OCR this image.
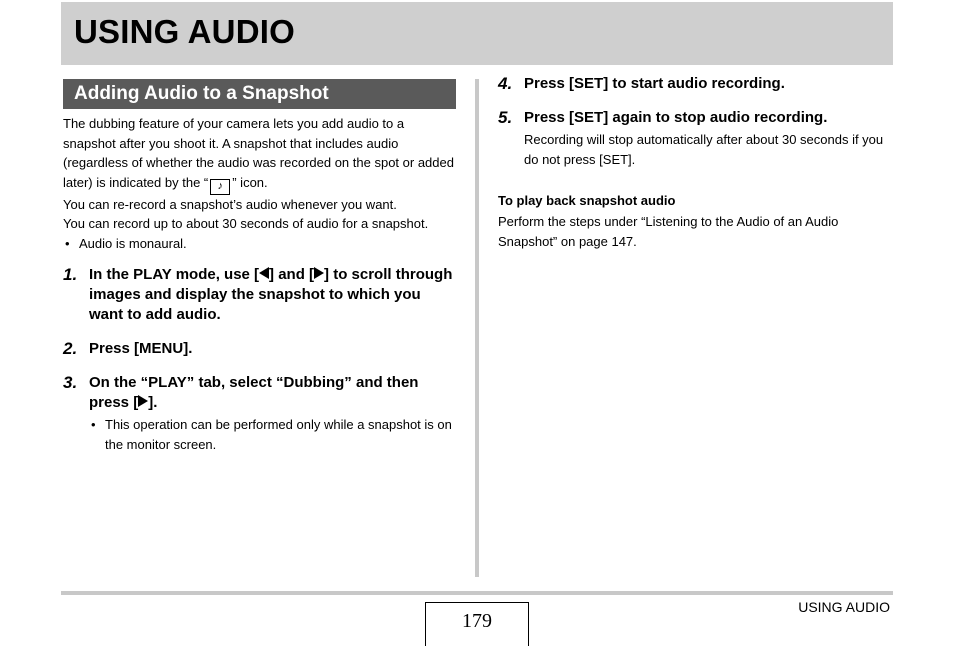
USING AUDIO
Adding Audio to a Snapshot

The dubbing feature of your camera lets you add audio to a snapshot after you shoot it. A snapshot that includes audio (regardless of whether the audio was recorded on the spot or added later) is indicated by the “ ♪ ” icon.

You can re-record a snapshot’s audio whenever you want.

You can record up to about 30 seconds of audio for a snapshot.

• Audio is monaural.
1. In the PLAY mode, use [ ] and [ ] to scroll through images and display the snapshot to which you want to add audio.
2. Press [MENU].
3. On the “PLAY” tab, select “Dubbing” and then press [ ].
• This operation can be performed only while a snapshot is on the monitor screen.
4. Press [SET] to start audio recording.
5. Press [SET] again to stop audio recording.

Recording will stop automatically after about 30 seconds if you do not press [SET].

To play back snapshot audio

Perform the steps under “Listening to the Audio of an Audio Snapshot” on page 147.

179
USING AUDIO
